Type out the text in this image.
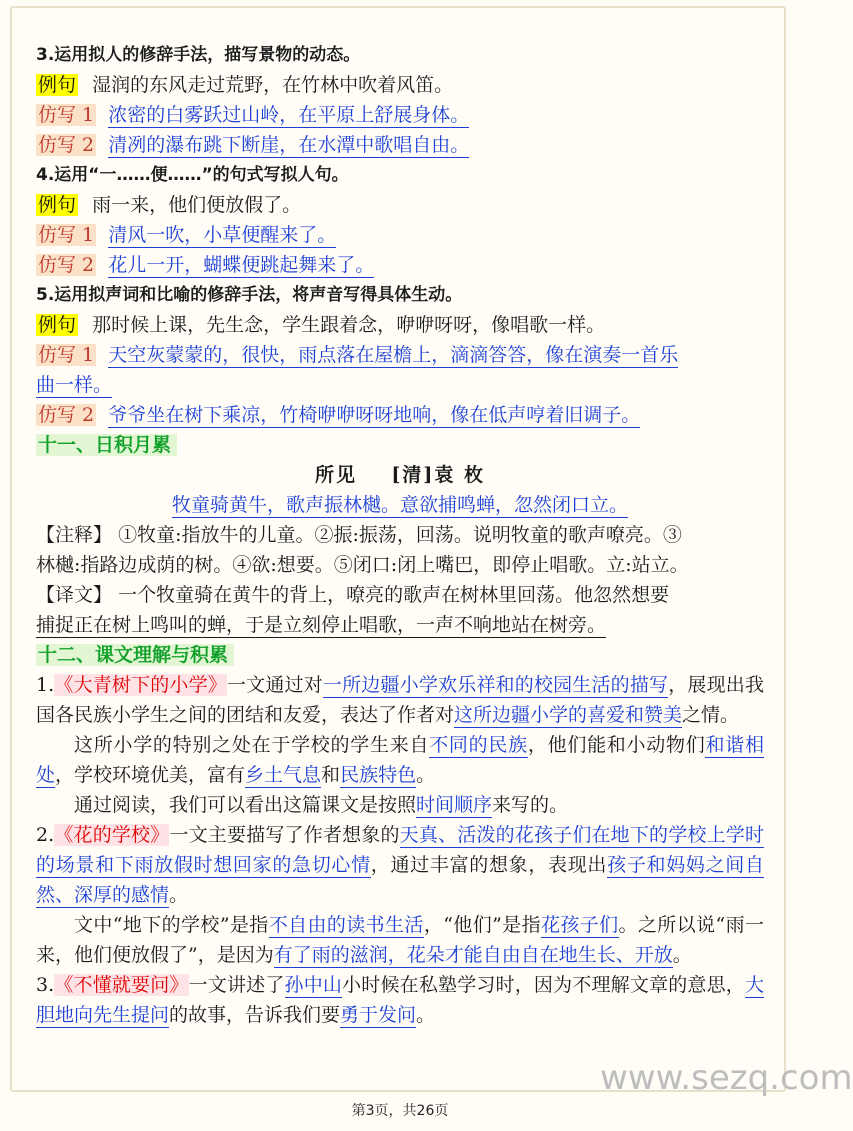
3.运用拟人的修辞手法，描写景物的动态。

例句 湿润的东风走过荒野，在竹林中吹着风笛。

仿写 1 浓密的白雾跃过山岭，在平原上舒展身体。

仿写 2 清冽的瀑布跳下断崖，在水潭中歌唱自由。

4.运用“一……便……”的句式写拟人句。

例句 雨一来，他们便放假了。

仿写 1 清风一吹，小草便醒来了。

仿写 2 花儿一开，蝴蝶便跳起舞来了。

5.运用拟声词和比喻的修辞手法，将声音写得具体生动。

例句 那时候上课，先生念，学生跟着念，咿咿呀呀，像唱歌一样。

仿写 1 天空灰蒙蒙的，很快，雨点落在屋檐上，滴滴答答，像在演奏一首乐

曲一样。

仿写 2 爷爷坐在树下乘凉，竹椅咿咿呀呀地响，像在低声哼着旧调子。

十一、日积月累

所见    [清]袁 枚

牧童骑黄牛，歌声振林樾。意欲捕鸣蝉，忽然闭口立。

【注释】 ①牧童:指放牛的儿童。②振:振荡，回荡。说明牧童的歌声嘹亮。③

林樾:指路边成荫的树。④欲:想要。⑤闭口:闭上嘴巴，即停止唱歌。立:站立。

【译文】 一个牧童骑在黄牛的背上，嘹亮的歌声在树林里回荡。他忽然想要

捕捉正在树上鸣叫的蝉，于是立刻停止唱歌，一声不响地站在树旁。

十二、课文理解与积累

1.《大青树下的小学》一文通过对一所边疆小学欢乐祥和的校园生活的描写，展现出我国各民族小学生之间的团结和友爱，表达了作者对这所边疆小学的喜爱和赞美之情。

这所小学的特别之处在于学校的学生来自不同的民族，他们能和小动物们和谐相处，学校环境优美，富有乡土气息和民族特色。

通过阅读，我们可以看出这篇课文是按照时间顺序来写的。

2.《花的学校》一文主要描写了作者想象的天真、活泼的花孩子们在地下的学校上学时的场景和下雨放假时想回家的急切心情，通过丰富的想象，表现出孩子和妈妈之间自然、深厚的感情。

文中“地下的学校”是指不自由的读书生活，“他们”是指花孩子们。之所以说“雨一来，他们便放假了”，是因为有了雨的滋润，花朵才能自由自在地生长、开放。

3.《不懂就要问》一文讲述了孙中山小时候在私塾学习时，因为不理解文章的意思，大胆地向先生提问的故事，告诉我们要勇于发问。

www.sezq.com
第3页，共26页
